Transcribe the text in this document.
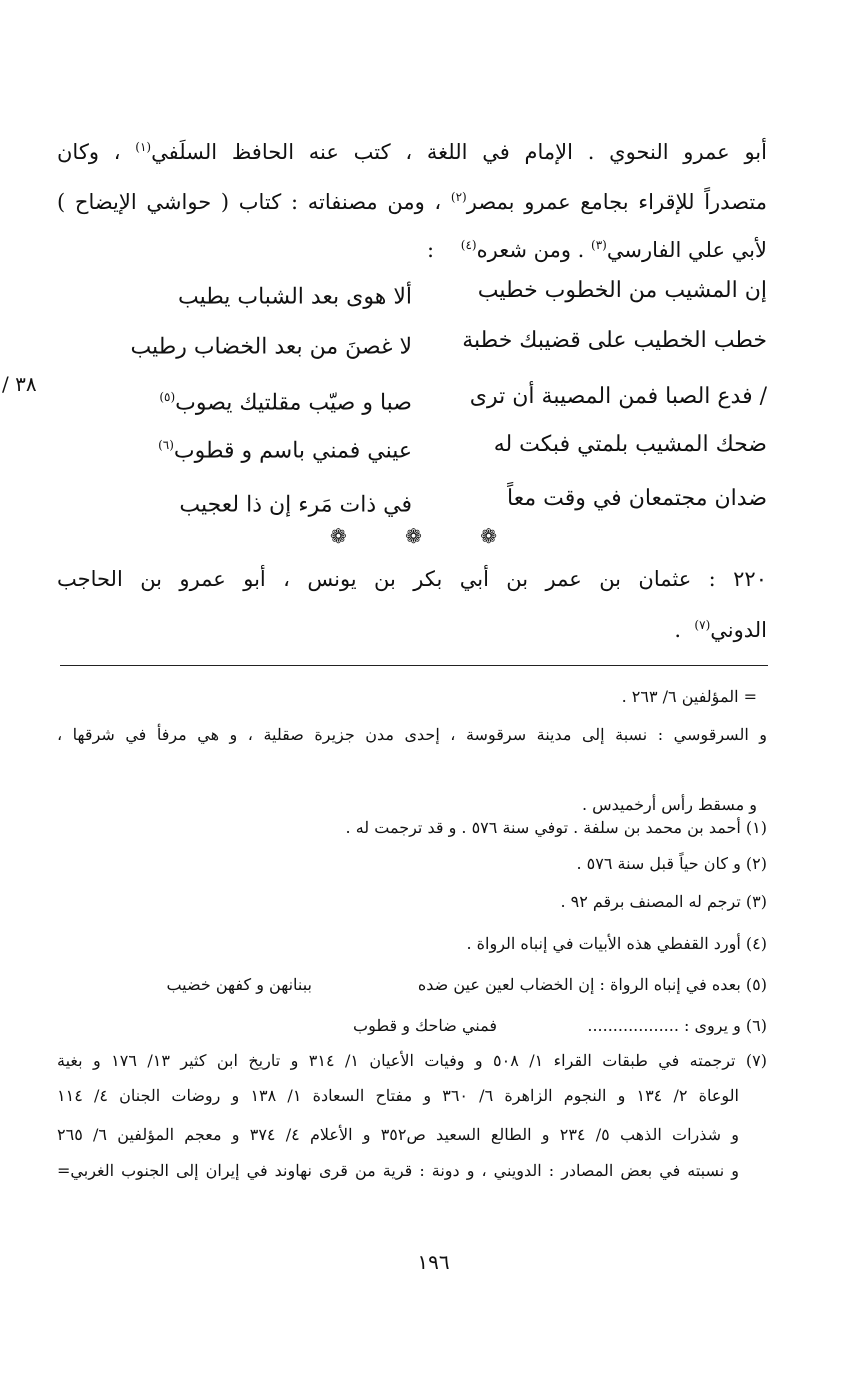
أبو عمرو النحوي . الإمام في اللغة ، كتب عنه الحافظ السلَفي$^{(١)}$ ، وكان
متصدراً للإقراء بجامع عمرو بمصر$^{(٢)}$ ، ومن مصنفاته : كتاب ( حواشي الإيضاح )
لأبي علي الفارسي$^{(٣)}$ . ومن شعره$^{(٤)}$    :
إن المشيب من الخطوب خطيب
ألا هوى بعد الشباب يطيب
خطب الخطيب على قضيبك خطبة
لا غصنَ من بعد الخضاب رطيب
/ فدع الصبا فمن المصيبة أن ترى
صبا و صيّب مقلتيك يصوب$^{(٥)}$
ضحك المشيب بلمتي فبكت له
عيني فمني باسم و قطوب$^{(٦)}$
ضدان مجتمعان في وقت معاً
في ذات مَرء إن ذا لعجيب
٣٨ /
❁ ❁ ❁
٢٢٠ : عثمان بن عمر بن أبي بكر بن يونس ، أبو عمرو بن الحاجب
الدوني$^{(٧)}$  .
= المؤلفين ٦/ ٢٦٣ .
و السرقوسي : نسبة إلى مدينة سرقوسة ، إحدى مدن جزيرة صقلية ، و هي مرفأ في شرقها ،
و مسقط رأس أرخميدس .
(١) أحمد بن محمد بن سلفة . توفي سنة ٥٧٦ . و قد ترجمت له .
(٢) و كان حياً قبل سنة ٥٧٦ .
(٣) ترجم له المصنف برقم ٩٢ .
(٤) أورد القفطي هذه الأبيات في إنباه الرواة .
(٥) بعده في إنباه الرواة : إن الخضاب لعين عين ضده
ببنانهن و كفهن خضيب
(٦) و يروى : ..................
فمني ضاحك و قطوب
(٧) ترجمته في طبقات القراء ١/ ٥٠٨ و وفيات الأعيان ١/ ٣١٤ و تاريخ ابن كثير ١٣/ ١٧٦ و بغية
الوعاة ٢/ ١٣٤ و النجوم الزاهرة ٦/ ٣٦٠ و مفتاح السعادة ١/ ١٣٨ و روضات الجنان ٤/ ١١٤
و شذرات الذهب ٥/ ٢٣٤ و الطالع السعيد ص٣٥٢ و الأعلام ٤/ ٣٧٤ و معجم المؤلفين ٦/ ٢٦٥
و نسبته في بعض المصادر : الدويني ، و دونة : قرية من قرى نهاوند في إيران إلى الجنوب الغربي=
١٩٦
